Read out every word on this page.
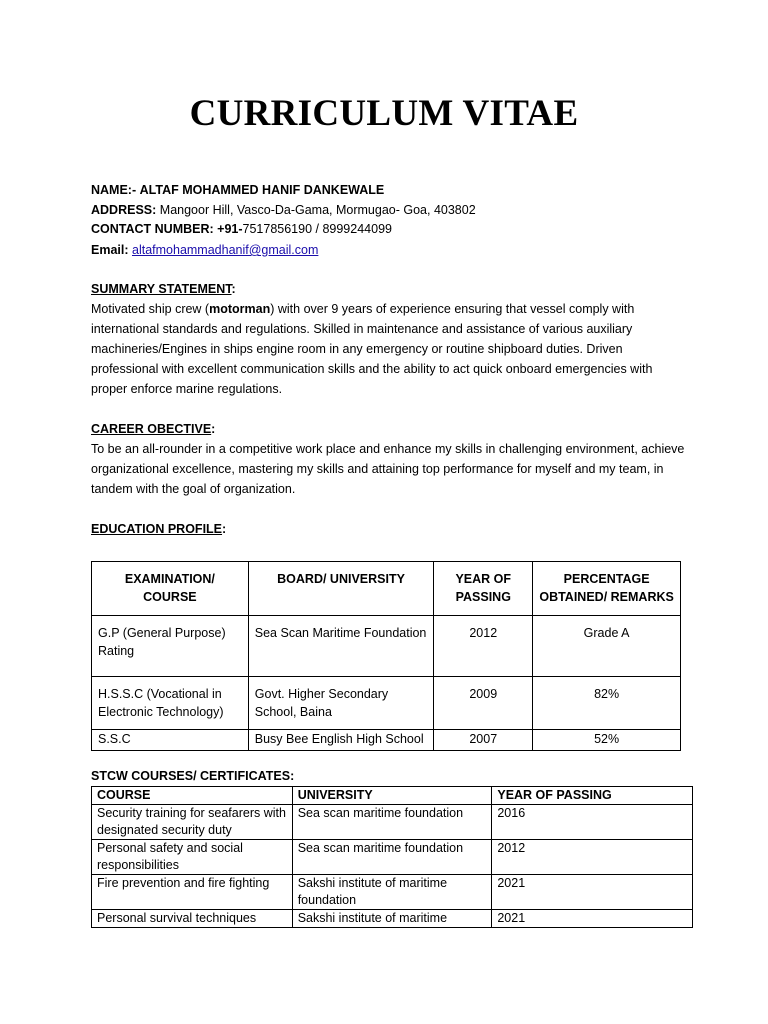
CURRICULUM VITAE
NAME:- ALTAF MOHAMMED HANIF DANKEWALE
ADDRESS: Mangoor Hill, Vasco-Da-Gama, Mormugao- Goa, 403802
CONTACT NUMBER: +91-7517856190 / 8999244099
Email: altafmohammadhanif@gmail.com
SUMMARY STATEMENT:
Motivated ship crew (motorman) with over 9 years of experience ensuring that vessel comply with international standards and regulations. Skilled in maintenance and assistance of various auxiliary machineries/Engines in ships engine room in any emergency or routine shipboard duties. Driven professional with excellent communication skills and the ability to act quick onboard emergencies with proper enforce marine regulations.
CAREER OBECTIVE:
To be an all-rounder in a competitive work place and enhance my skills in challenging environment, achieve organizational excellence, mastering my skills and attaining top performance for myself and my team, in tandem with the goal of organization.
EDUCATION PROFILE:
EXAMINATION/ COURSE	BOARD/ UNIVERSITY	YEAR OF PASSING	PERCENTAGE OBTAINED/ REMARKS
G.P (General Purpose) Rating	Sea Scan Maritime Foundation	2012	Grade A
H.S.S.C (Vocational in Electronic Technology)	Govt. Higher Secondary School, Baina	2009	82%
S.S.C	Busy Bee English High School	2007	52%
STCW COURSES/ CERTIFICATES:
COURSE	UNIVERSITY	YEAR OF PASSING
Security training for seafarers with designated security duty	Sea scan maritime foundation	2016
Personal safety and social responsibilities	Sea scan maritime foundation	2012
Fire prevention and fire fighting	Sakshi institute of maritime foundation	2021
Personal survival techniques	Sakshi institute of maritime	2021
